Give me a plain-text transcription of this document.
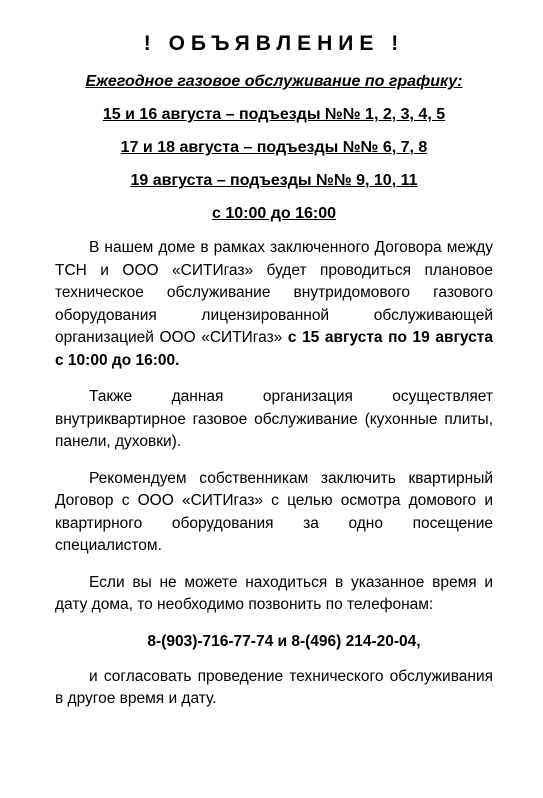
! ОБЪЯВЛЕНИЕ !

Ежегодное газовое обслуживание по графику:

15 и 16 августа – подъезды №№ 1, 2, 3, 4, 5

17 и 18 августа – подъезды №№ 6, 7, 8

19 августа – подъезды №№ 9, 10, 11

с 10:00 до 16:00

В нашем доме в рамках заключенного Договора между ТСН и ООО «СИТИгаз» будет проводиться плановое техническое обслуживание внутридомового газового оборудования лицензированной обслуживающей организацией ООО «СИТИгаз» с 15 августа по 19 августа с 10:00 до 16:00.

Также данная организация осуществляет внутриквартирное газовое обслуживание (кухонные плиты, панели, духовки).

Рекомендуем собственникам заключить квартирный Договор с ООО «СИТИгаз» с целью осмотра домового и квартирного оборудования за одно посещение специалистом.

Если вы не можете находиться в указанное время и дату дома, то необходимо позвонить по телефонам:

8-(903)-716-77-74 и 8-(496) 214-20-04,

и согласовать проведение технического обслуживания в другое время и дату.
